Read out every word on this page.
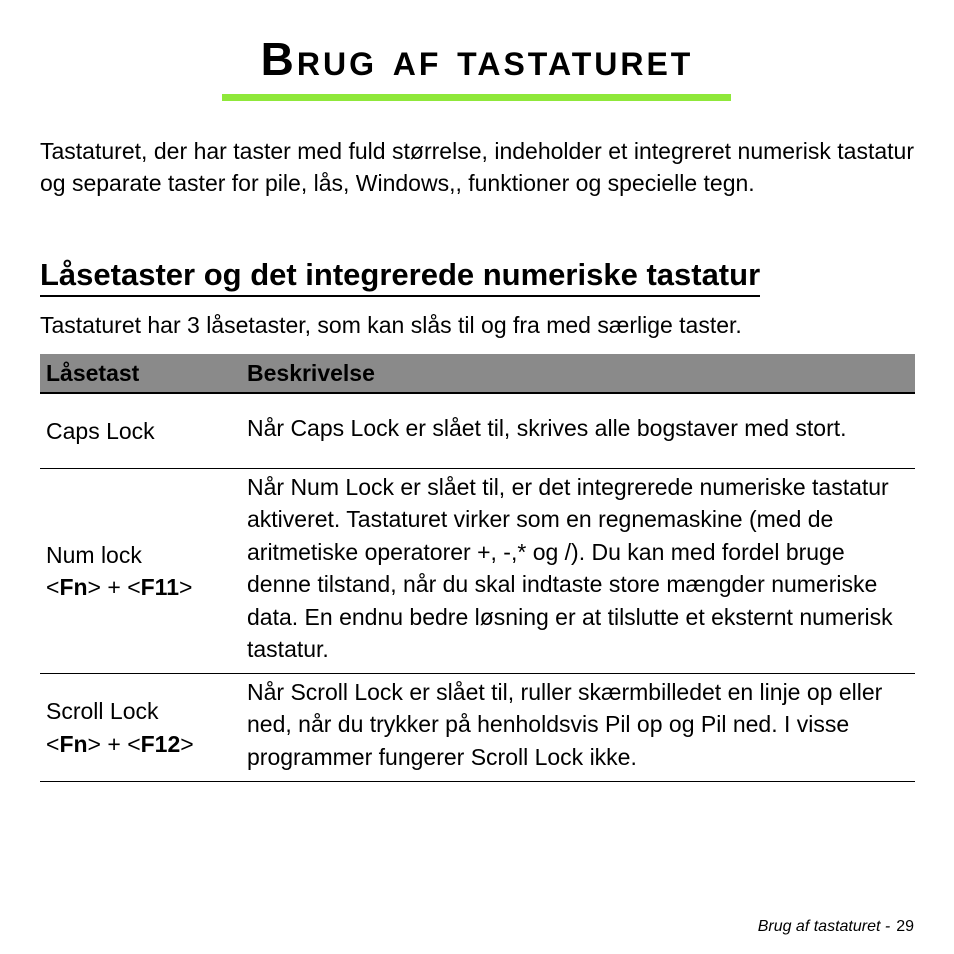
Brug af tastaturet

Tastaturet, der har taster med fuld størrelse, indeholder et integreret numerisk tastatur og separate taster for pile, lås, Windows,, funktioner og specielle tegn.

Låsetaster og det integrerede numeriske tastatur

Tastaturet har 3 låsetaster, som kan slås til og fra med særlige taster.

Låsetast	Beskrivelse
Caps Lock	Når Caps Lock er slået til, skrives alle bogstaver med stort.
Num lock
<Fn> + <F11>	Når Num Lock er slået til, er det integrerede numeriske tastatur aktiveret. Tastaturet virker som en regnemaskine (med de aritmetiske operatorer +, -,* og /). Du kan med fordel bruge denne tilstand, når du skal indtaste store mængder numeriske data. En endnu bedre løsning er at tilslutte et eksternt numerisk tastatur.
Scroll Lock
<Fn> + <F12>	Når Scroll Lock er slået til, ruller skærmbilledet en linje op eller ned, når du trykker på henholdsvis Pil op og Pil ned. I visse programmer fungerer Scroll Lock ikke.
Brug af tastaturet - 29
